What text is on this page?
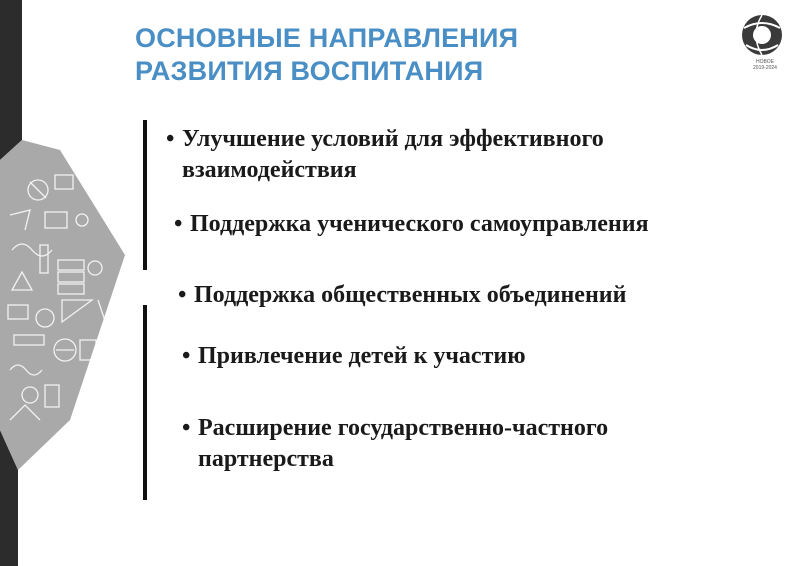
ОСНОВНЫЕ НАПРАВЛЕНИЯ
РАЗВИТИЯ ВОСПИТАНИЯ	НОВОЕ
2019-2024
• Улучшение условий для эффективного
взаимодействия
• Поддержка ученического самоуправления
• Поддержка общественных объединений
• Привлечение детей к участию
• Расширение государственно-частного
партнерства
